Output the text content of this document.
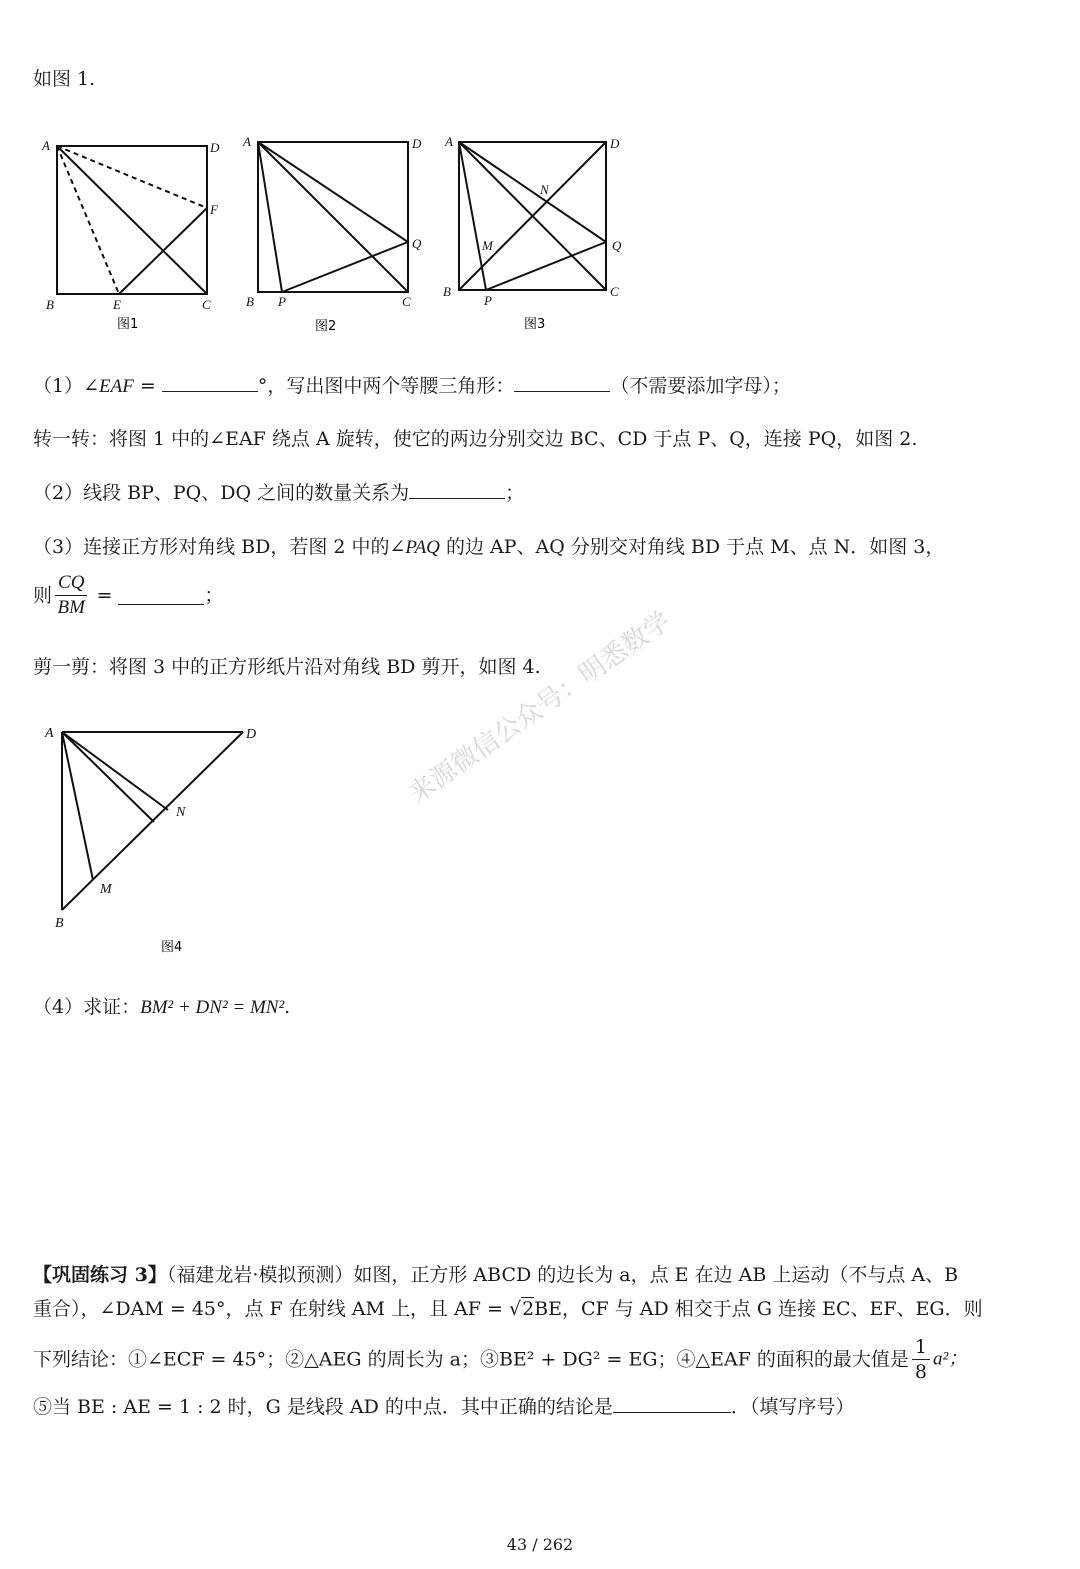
如图 1.
A	D
F
B	E	C
图1
A	D
Q
B P	C
图2
A	D
N
M	Q
B
P
C
图3
（1）∠EAF =	°，写出图中两个等腰三角形：	（不需要添加字母）；
转一转：将图 1 中的∠EAF 绕点 A 旋转，使它的两边分别交边 BC、CD 于点 P、Q，连接 PQ，如图 2.
（2）线段 BP、PQ、DQ 之间的数量关系为	；
（3）连接正方形对角线 BD，若图 2 中的∠PAQ 的边 AP、AQ 分别交对角线 BD 于点 M、点 N．如图 3，
则 $\frac{CQ}{BM}$ =	；
剪一剪：将图 3 中的正方形纸片沿对角线 BD 剪开，如图 4.
A	D
N
M
B
图4
来源微信公众号：明悉数学
（4）求证：BM² + DN² = MN².
【巩固练习 3】（福建龙岩·模拟预测）如图，正方形 ABCD 的边长为 a，点 E 在边 AB 上运动（不与点 A、B
重合），∠DAM = 45°，点 F 在射线 AM 上，且 AF = √2BE，CF 与 AD 相交于点 G 连接 EC、EF、EG．则
下列结论：①∠ECF = 45°；②△AEG 的周长为 a；③BE² + DG² = EG；④△EAF 的面积的最大值是 $\frac{1}{8} a^2$；
⑤当 BE : AE = 1 : 2 时，G 是线段 AD 的中点．其中正确的结论是	．（填写序号）
43 / 262
